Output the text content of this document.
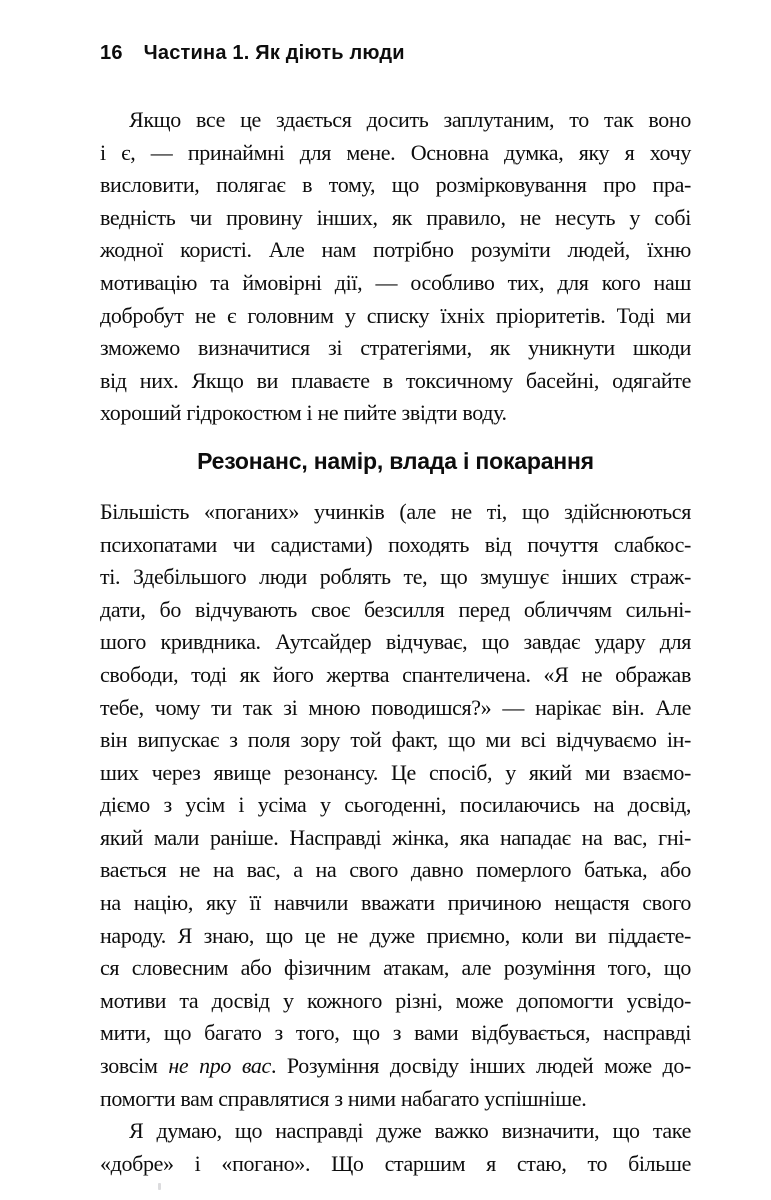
16 Частина 1. Як діють люди
Якщо все це здається досить заплутаним, то так воно
і є, — принаймні для мене. Основна думка, яку я хочу
висловити, полягає в тому, що розмірковування про пра-
ведність чи провину інших, як правило, не несуть у собі
жодної користі. Але нам потрібно розуміти людей, їхню
мотивацію та ймовірні дії, — особливо тих, для кого наш
добробут не є головним у списку їхніх пріоритетів. Тоді ми
зможемо визначитися зі стратегіями, як уникнути шкоди
від них. Якщо ви плаваєте в токсичному басейні, одягайте
хороший гідрокостюм і не пийте звідти воду.
Резонанс, намір, влада і покарання
Більшість «поганих» учинків (але не ті, що здійснюються
психопатами чи садистами) походять від почуття слабкос-
ті. Здебільшого люди роблять те, що змушує інших страж-
дати, бо відчувають своє безсилля перед обличчям сильні-
шого кривдника. Аутсайдер відчуває, що завдає удару для
свободи, тоді як його жертва спантеличена. «Я не ображав
тебе, чому ти так зі мною поводишся?» — нарікає він. Але
він випускає з поля зору той факт, що ми всі відчуваємо ін-
ших через явище резонансу. Це спосіб, у який ми взаємо-
діємо з усім і усіма у сьогоденні, посилаючись на досвід,
який мали раніше. Насправді жінка, яка нападає на вас, гні-
вається не на вас, а на свого давно померлого батька, або
на націю, яку її навчили вважати причиною нещастя свого
народу. Я знаю, що це не дуже приємно, коли ви піддаєте-
ся словесним або фізичним атакам, але розуміння того, що
мотиви та досвід у кожного різні, може допомогти усвідо-
мити, що багато з того, що з вами відбувається, насправді
зовсім не про вас. Розуміння досвіду інших людей може до-
помогти вам справлятися з ними набагато успішніше.
Я думаю, що насправді дуже важко визначити, що таке
«добре» і «погано». Що старшим я стаю, то більше
